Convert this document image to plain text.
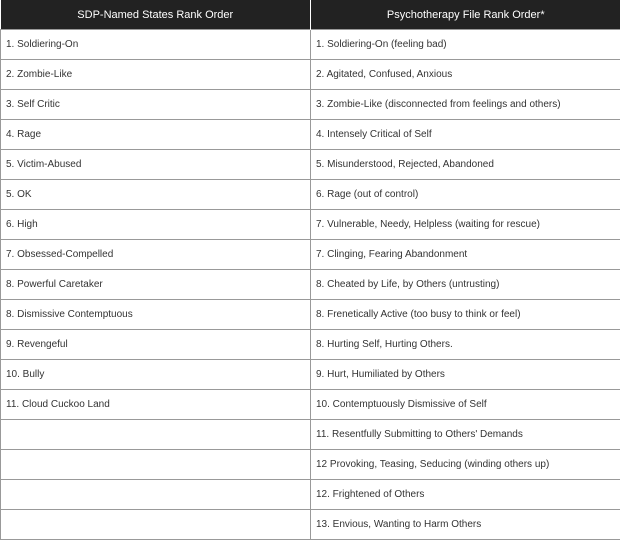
SDP-Named States Rank Order	Psychotherapy File Rank Order*
1. Soldiering-On	1. Soldiering-On (feeling bad)
2. Zombie-Like	2. Agitated, Confused, Anxious
3. Self Critic	3. Zombie-Like (disconnected from feelings and others)
4. Rage	4. Intensely Critical of Self
5. Victim-Abused	5. Misunderstood, Rejected, Abandoned
5. OK	6. Rage (out of control)
6. High	7. Vulnerable, Needy, Helpless (waiting for rescue)
7. Obsessed-Compelled	7. Clinging, Fearing Abandonment
8. Powerful Caretaker	8. Cheated by Life, by Others (untrusting)
8. Dismissive Contemptuous	8. Frenetically Active (too busy to think or feel)
9. Revengeful	8. Hurting Self, Hurting Others.
10. Bully	9. Hurt, Humiliated by Others
11. Cloud Cuckoo Land	10. Contemptuously Dismissive of Self
	11. Resentfully Submitting to Others' Demands
	12 Provoking, Teasing, Seducing (winding others up)
	12. Frightened of Others
	13. Envious, Wanting to Harm Others
